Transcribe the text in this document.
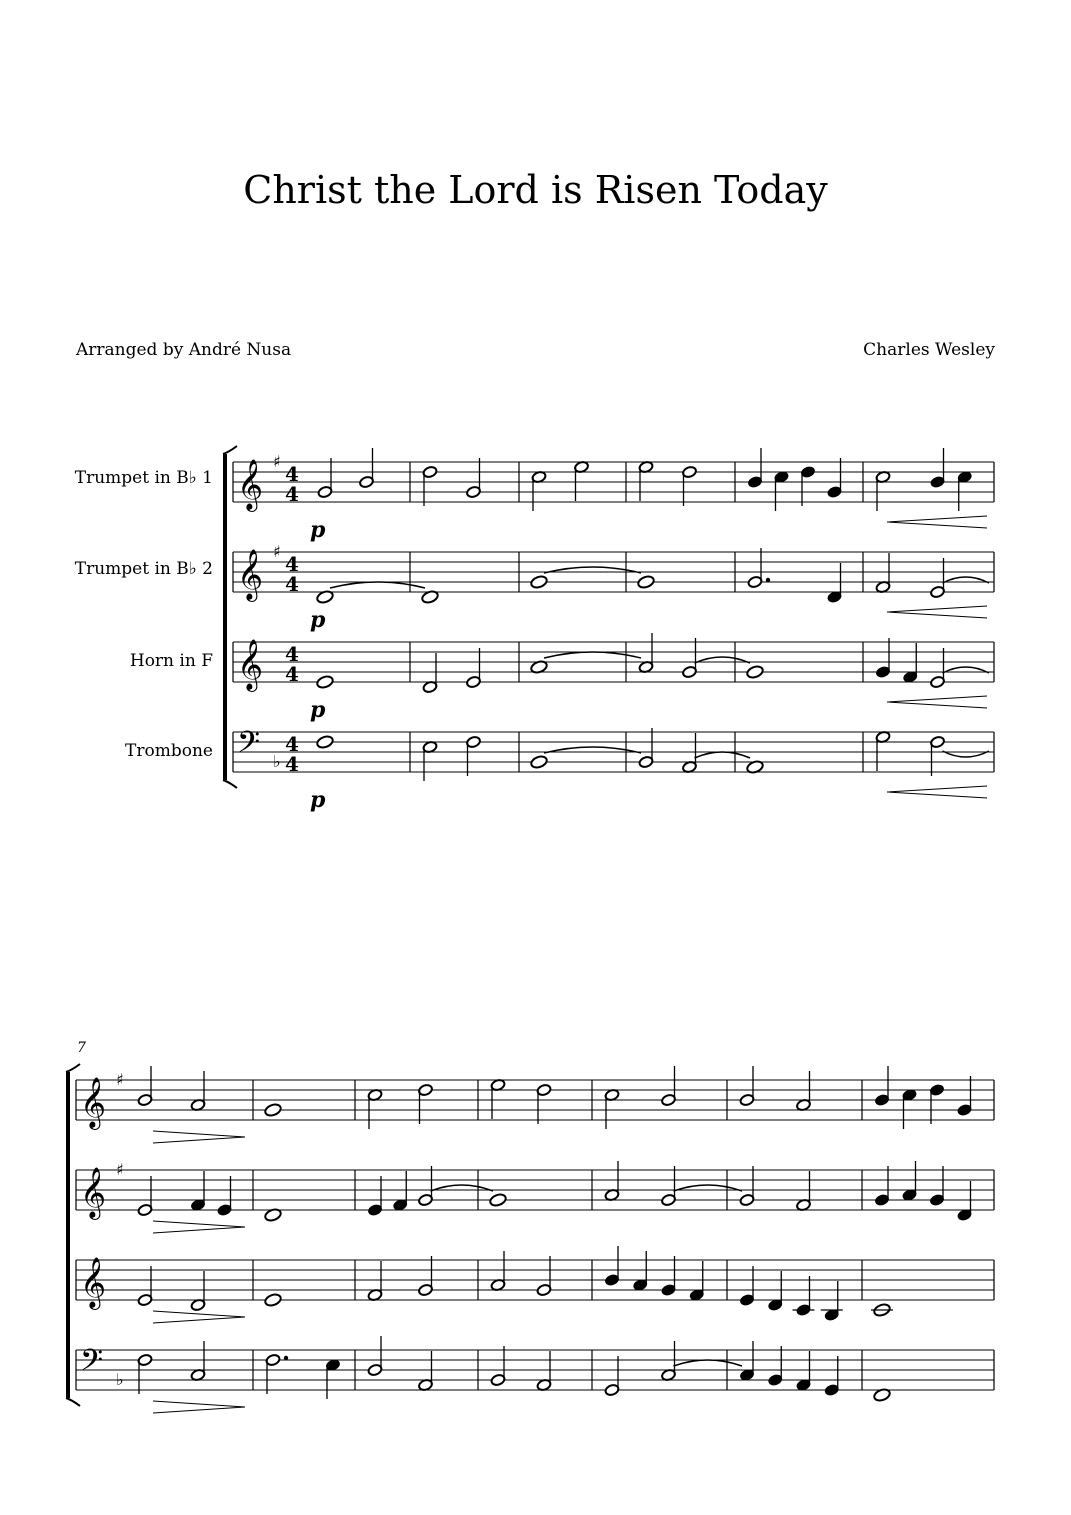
Christ the Lord is Risen Today
Arranged by André Nusa	Charles Wesley
Trumpet in B♭ 1
Trumpet in B♭ 2
Horn in F
Trombone
7
𝄞 ♯
4
4
p
𝄞 ♯
4
4
p
𝄞 4
4
p
𝄢 ♭
4
4
p
𝄞 ♯
𝄞 ♯
𝄞
𝄢 ♭
